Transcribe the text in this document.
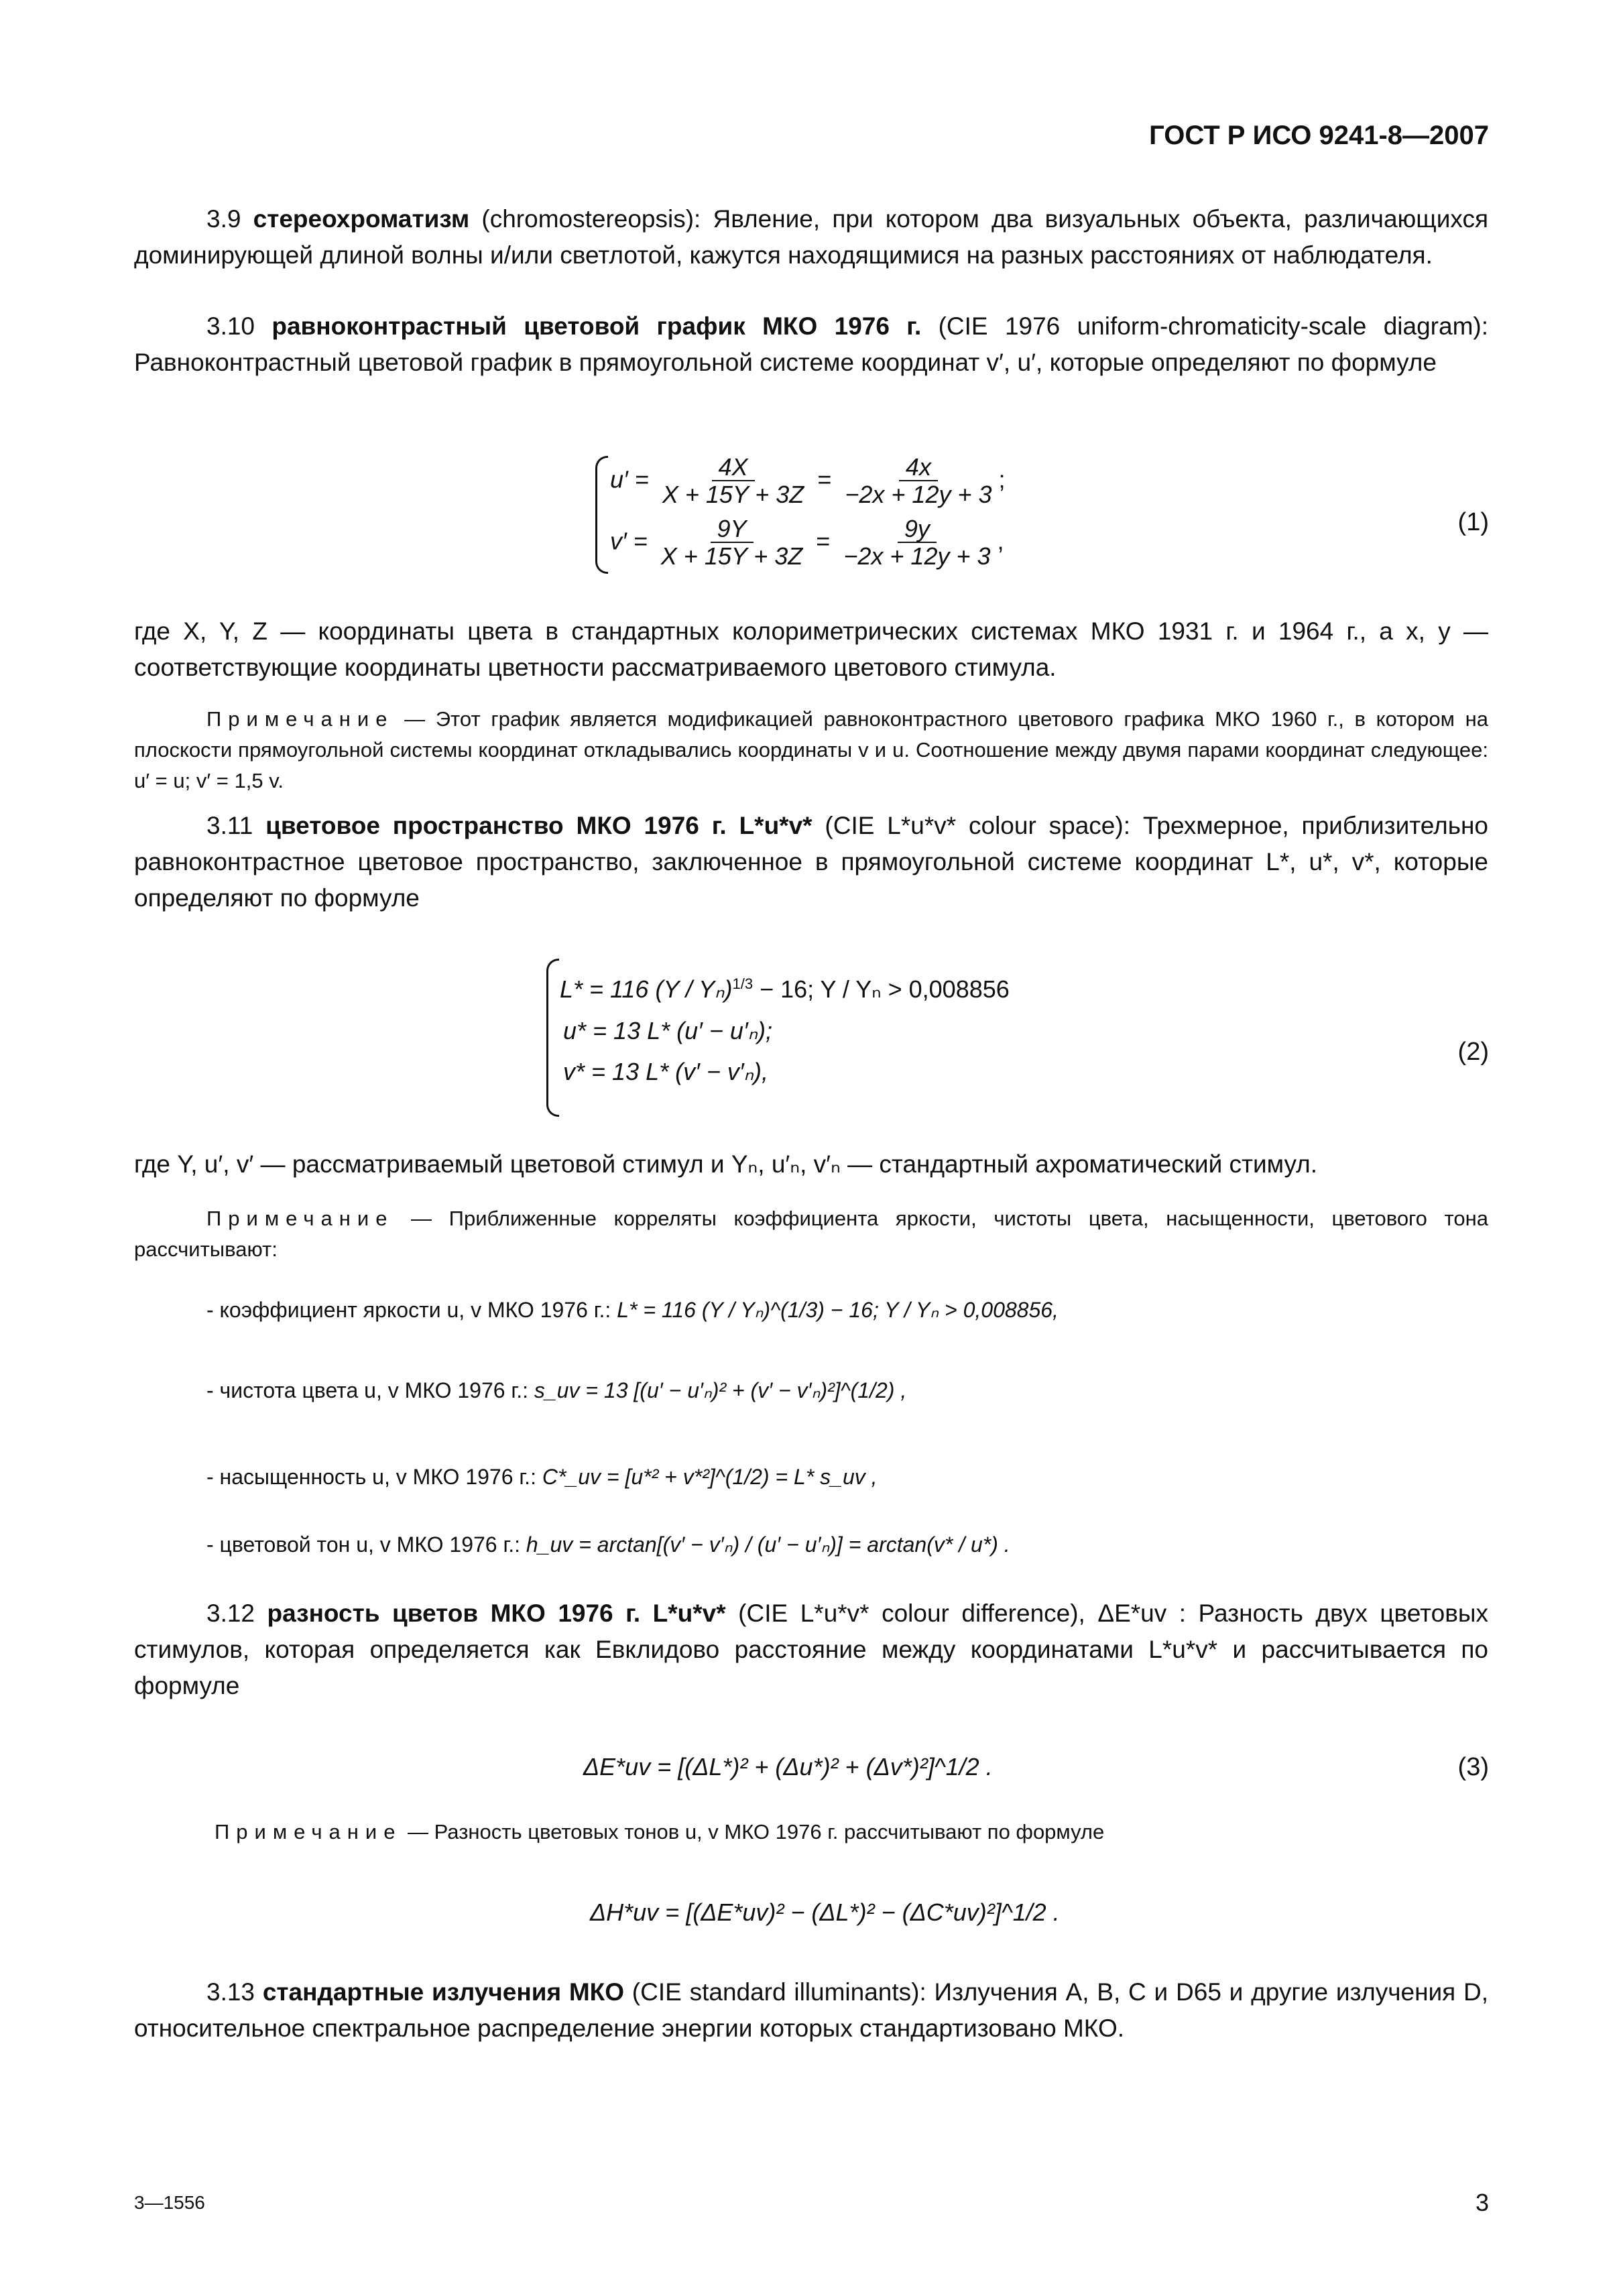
ГОСТ Р ИСО 9241-8—2007
3.9 стереохроматизм (chromostereopsis): Явление, при котором два визуальных объекта, различающихся доминирующей длиной волны и/или светлотой, кажутся находящимися на разных расстояниях от наблюдателя.
3.10 равноконтрастный цветовой график МКО 1976 г. (CIE 1976 uniform-chromaticity-scale diagram): Равноконтрастный цветовой график в прямоугольной системе координат v′, u′, которые определяют по формуле
$u' = \frac{4X}{X + 15Y + 3Z} = \frac{4x}{-2x + 12y + 3}$ ;
$v' = \frac{9Y}{X + 15Y + 3Z} = \frac{9y}{-2x + 12y + 3}$ ,
(1)
где X, Y, Z — координаты цвета в стандартных колориметрических системах МКО 1931 г. и 1964 г., а x, y — соответствующие координаты цветности рассматриваемого цветового стимула.
Примечание — Этот график является модификацией равноконтрастного цветового графика МКО 1960 г., в котором на плоскости прямоугольной системы координат откладывались координаты v и u. Соотношение между двумя парами координат следующее: u′ = u; v′ = 1,5 v.
3.11 цветовое пространство МКО 1976 г. L*u*v* (CIE L*u*v* colour space): Трехмерное, приблизительно равноконтрастное цветовое пространство, заключенное в прямоугольной системе координат L*, u*, v*, которые определяют по формуле
L* = 116 (Y / Yₙ)$^{1/3}$ − 16; Y / Yₙ > 0,008856
u* = 13 L* (u′ − u′ₙ);
v* = 13 L* (v′ − v′ₙ),
(2)
где Y, u′, v′ — рассматриваемый цветовой стимул и Yₙ, u′ₙ, v′ₙ — стандартный ахроматический стимул.
Примечание — Приближенные корреляты коэффициента яркости, чистоты цвета, насыщенности, цветового тона рассчитывают:
- коэффициент яркости u, v МКО 1976 г.: L* = 116 (Y / Yₙ)^(1/3) − 16; Y / Yₙ > 0,008856,
- чистота цвета u, v МКО 1976 г.: s_uv = 13 [(u′ − u′ₙ)² + (v′ − v′ₙ)²]^(1/2) ,
- насыщенность u, v МКО 1976 г.: C*_uv = [u*² + v*²]^(1/2) = L* s_uv ,
- цветовой тон u, v МКО 1976 г.: h_uv = arctan[(v′ − v′ₙ) / (u′ − u′ₙ)] = arctan(v* / u*) .
3.12 разность цветов МКО 1976 г. L*u*v* (CIE L*u*v* colour difference), ΔE*uv : Разность двух цветовых стимулов, которая определяется как Евклидово расстояние между координатами L*u*v* и рассчитывается по формуле
ΔE*uv = [(ΔL*)² + (Δu*)² + (Δv*)²]^1/2 .	(3)
Примечание — Разность цветовых тонов u, v МКО 1976 г. рассчитывают по формуле
ΔH*uv = [(ΔE*uv)² − (ΔL*)² − (ΔC*uv)²]^1/2 .
3.13 стандартные излучения МКО (CIE standard illuminants): Излучения A, B, C и D65 и другие излучения D, относительное спектральное распределение энергии которых стандартизовано МКО.
3—1556	3
